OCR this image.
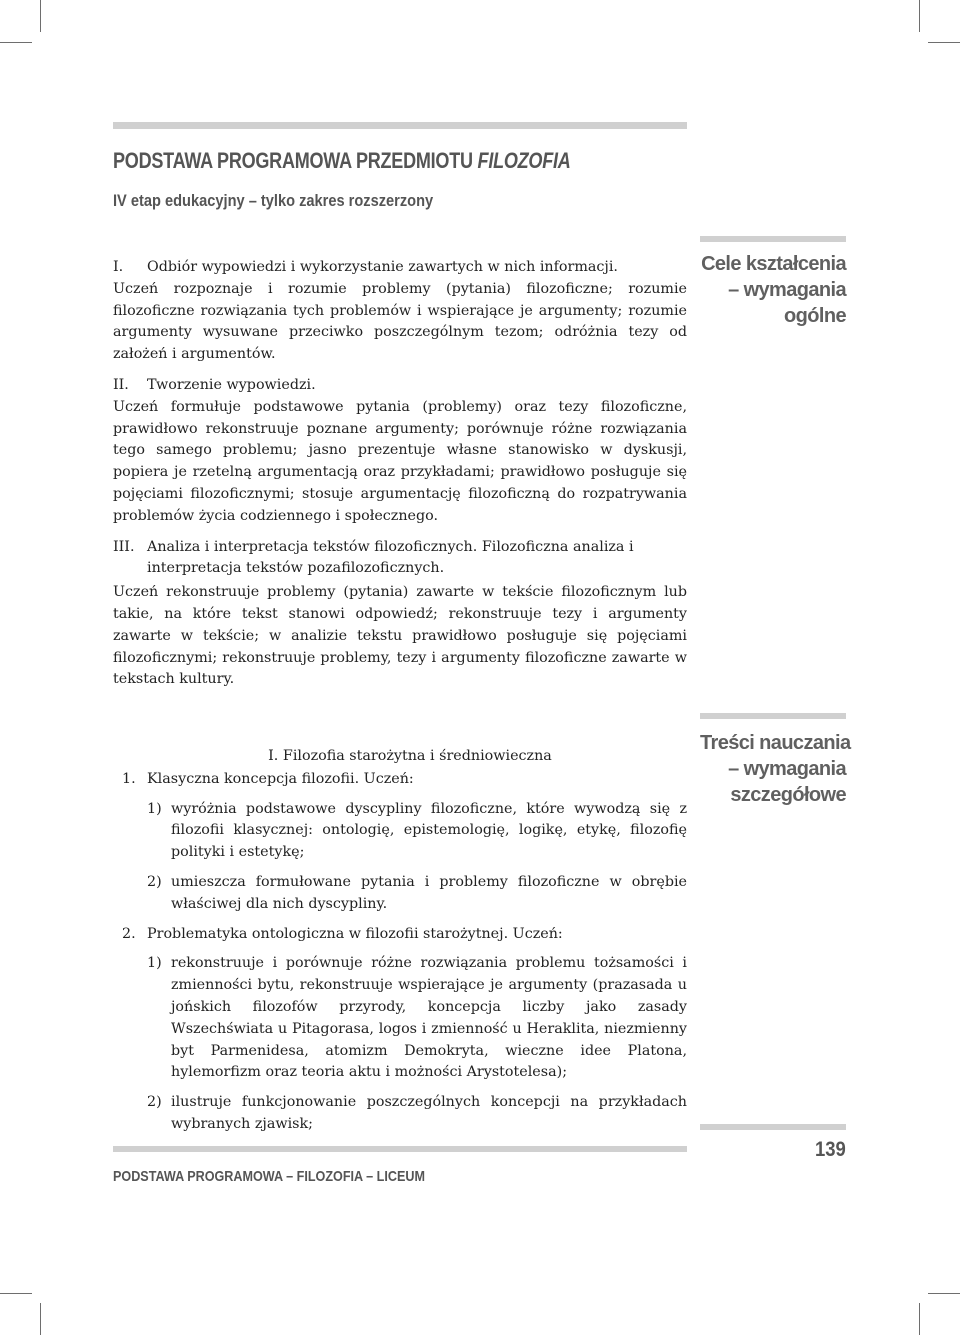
PODSTAWA PROGRAMOWA PRZEDMIOTU FILOZOFIA
IV etap edukacyjny – tylko zakres rozszerzony
Cele kształcenia
– wymagania
ogólne
I.	Odbiór wypowiedzi i wykorzystanie zawartych w nich informacji.
Uczeń rozpoznaje i rozumie problemy (pytania) filozoficzne; rozumie filozoficzne rozwiązania tych problemów i wspierające je argumenty; rozumie argumenty wysuwane przeciwko poszczególnym tezom; odróżnia tezy od założeń i argumentów.
II.	Tworzenie wypowiedzi.
Uczeń formułuje podstawowe pytania (problemy) oraz tezy filozoficzne, prawidłowo rekonstruuje poznane argumenty; porównuje różne rozwiązania tego samego problemu; jasno prezentuje własne stanowisko w dyskusji, popiera je rzetelną argumentacją oraz przykładami; prawidłowo posługuje się pojęciami filozoficznymi; stosuje argumentację filozoficzną do rozpatrywania problemów życia codziennego i społecznego.
III. Analiza i interpretacja tekstów filozoficznych. Filozoficzna analiza i interpretacja tekstów pozafilozoficznych.
Uczeń rekonstruuje problemy (pytania) zawarte w tekście filozoficznym lub takie, na które tekst stanowi odpowiedź; rekonstruuje tezy i argumenty zawarte w tekście; w analizie tekstu prawidłowo posługuje się pojęciami filozoficznymi; rekonstruuje problemy, tezy i argumenty filozoficzne zawarte w tekstach kultury.
Treści nauczania
– wymagania
szczegółowe
I. Filozofia starożytna i średniowieczna
1. Klasyczna koncepcja filozofii. Uczeń:
1) wyróżnia podstawowe dyscypliny filozoficzne, które wywodzą się z filozofii klasycznej: ontologię, epistemologię, logikę, etykę, filozofię polityki i estetykę;
2) umieszcza formułowane pytania i problemy filozoficzne w obrębie właściwej dla nich dyscypliny.
2. Problematyka ontologiczna w filozofii starożytnej. Uczeń:
1) rekonstruuje i porównuje różne rozwiązania problemu tożsamości i zmienności bytu, rekonstruuje wspierające je argumenty (prazasada u jońskich filozofów przyrody, koncepcja liczby jako zasady Wszechświata u Pitagorasa, logos i zmienność u Heraklita, niezmienny byt Parmenidesa, atomizm Demokryta, wieczne idee Platona, hylemorfizm oraz teoria aktu i możności Arystotelesa);
2) ilustruje funkcjonowanie poszczególnych koncepcji na przykładach wybranych zjawisk;
PODSTAWA PROGRAMOWA – FILOZOFIA – LICEUM
139
